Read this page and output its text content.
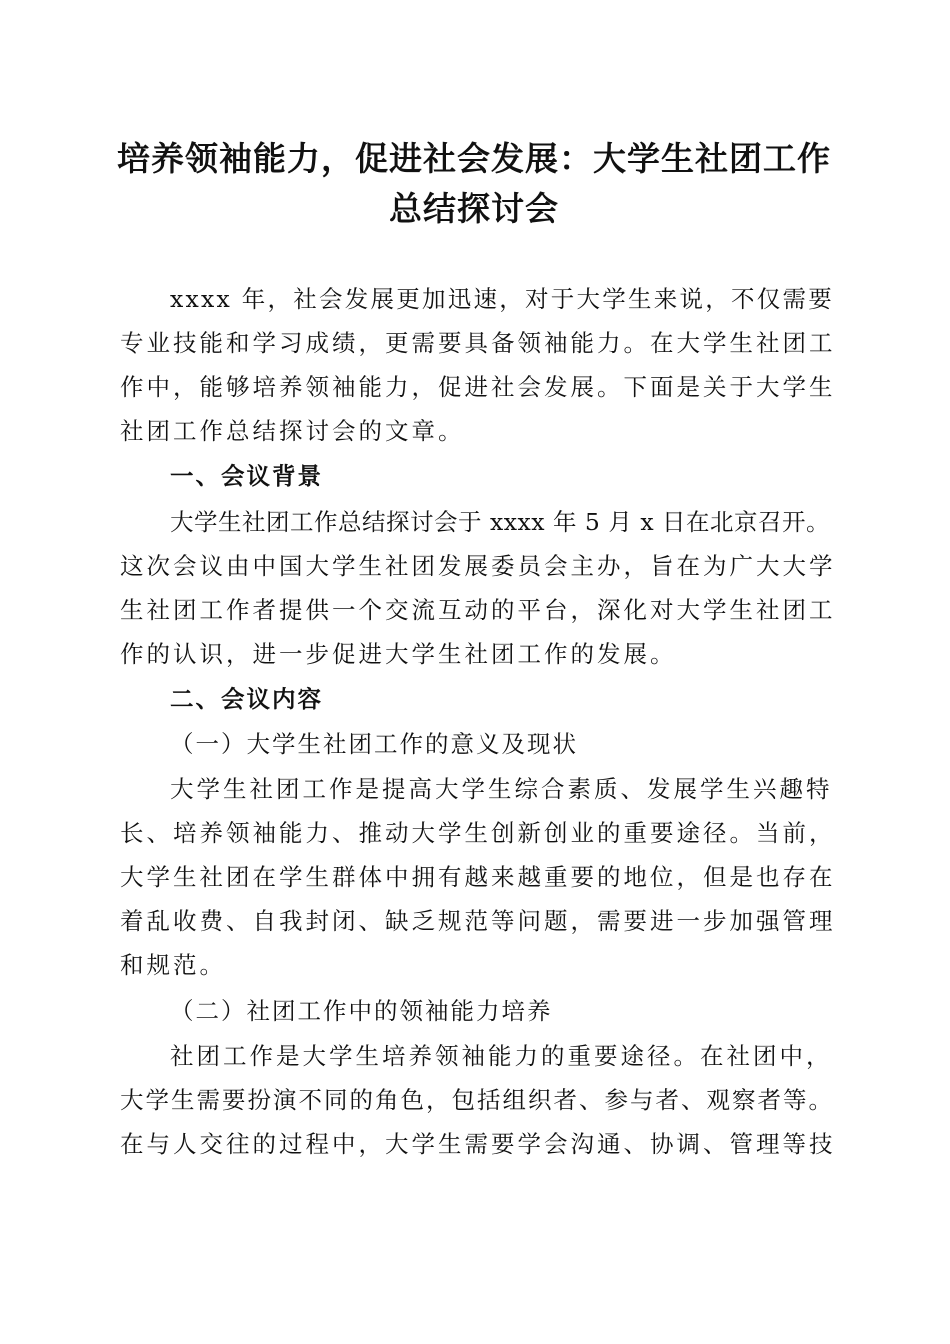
培养领袖能力，促进社会发展：大学生社团工作总结探讨会

xxxx 年，社会发展更加迅速，对于大学生来说，不仅需要

专业技能和学习成绩，更需要具备领袖能力。在大学生社团工

作中，能够培养领袖能力，促进社会发展。下面是关于大学生

社团工作总结探讨会的文章。

一、会议背景

大学生社团工作总结探讨会于 xxxx 年 5 月 x 日在北京召开。

这次会议由中国大学生社团发展委员会主办，旨在为广大大学

生社团工作者提供一个交流互动的平台，深化对大学生社团工

作的认识，进一步促进大学生社团工作的发展。

二、会议内容

（一）大学生社团工作的意义及现状

大学生社团工作是提高大学生综合素质、发展学生兴趣特

长、培养领袖能力、推动大学生创新创业的重要途径。当前，

大学生社团在学生群体中拥有越来越重要的地位，但是也存在

着乱收费、自我封闭、缺乏规范等问题，需要进一步加强管理

和规范。

（二）社团工作中的领袖能力培养

社团工作是大学生培养领袖能力的重要途径。在社团中，

大学生需要扮演不同的角色，包括组织者、参与者、观察者等。

在与人交往的过程中，大学生需要学会沟通、协调、管理等技
